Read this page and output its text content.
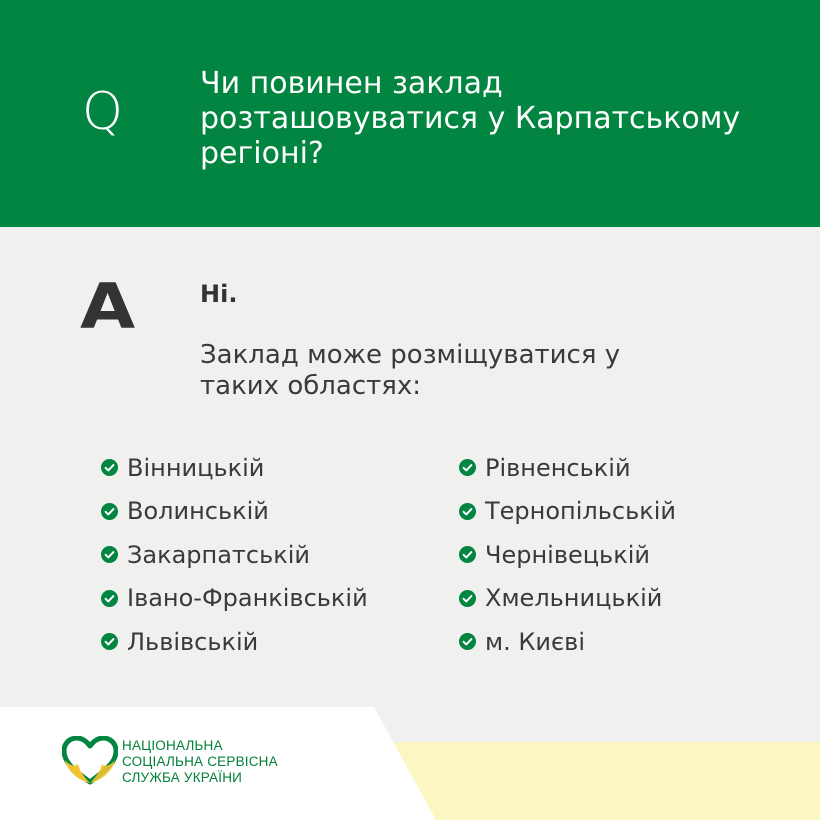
Q	Чи повинен заклад розташовуватися у Карпатському регіоні?
A	Ні.
Заклад може розміщуватися у таких областях:
Вінницькій
Волинській
Закарпатській
Івано-Франківській
Львівській
Рівненській
Тернопільській
Чернівецькій
Хмельницькій
м. Києві
НАЦІОНАЛЬНА
СОЦІАЛЬНА СЕРВІСНА
СЛУЖБА УКРАЇНИ
